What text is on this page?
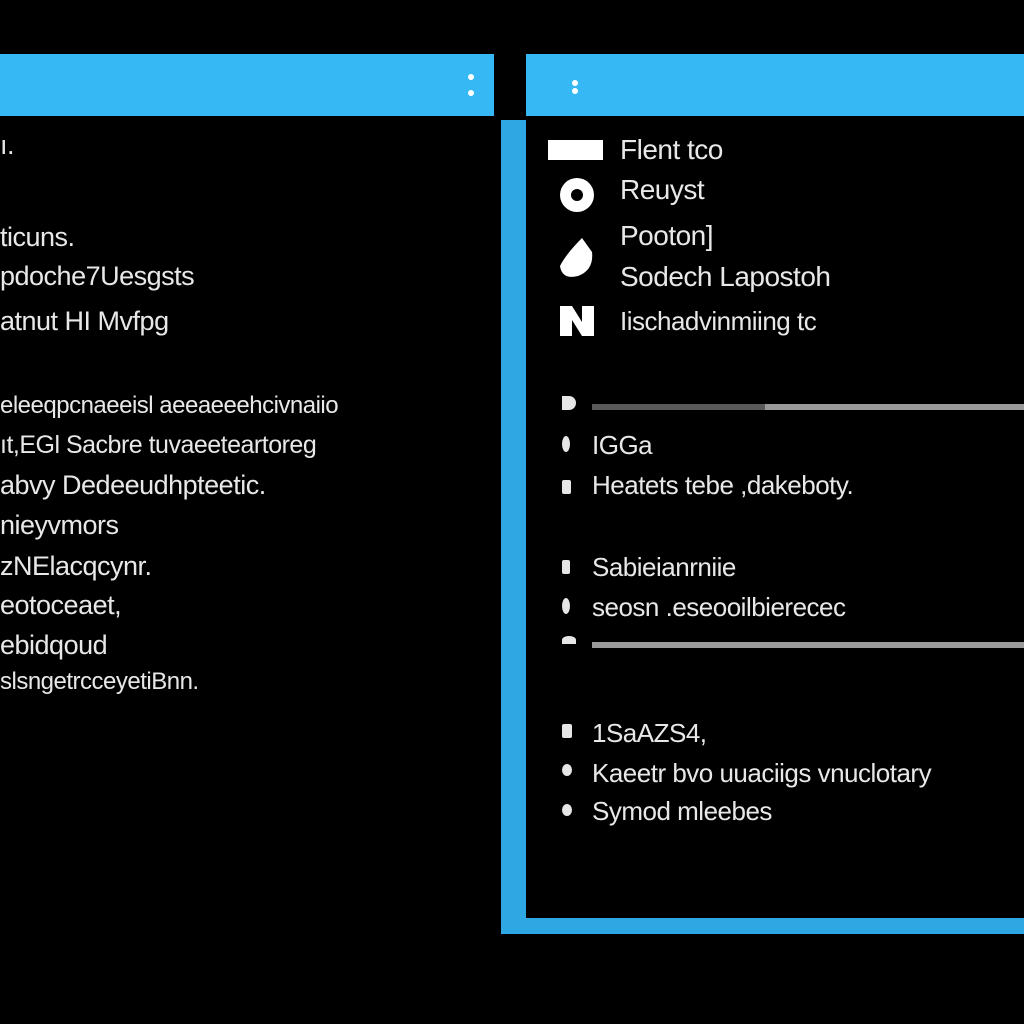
ı.
ticuns.
pdoche7Uesgsts
atnut HI Mvfpg
eleeqpcnaeeisl aeeaeeehcivnaiio
ıt,EGl Sacbre tuvaeeteartoreg
abvy Dedeeudhpteetic.
nieyvmors
zNElacqcynr.
eotoceaet,
ebidqoud
slsngetrcceyetiBnn.
Flent tco
Reuyst
Pooton]
Sodech Lapostoh
Iischadvinmiing tc
IGGa
Heatets tebe ,dakeboty.
Sabieianrniie
seosn .eseooilbierecec
1SaAZS4,
Kaeetr bvo uuaciigs vnuclotary
Symod mleebes
